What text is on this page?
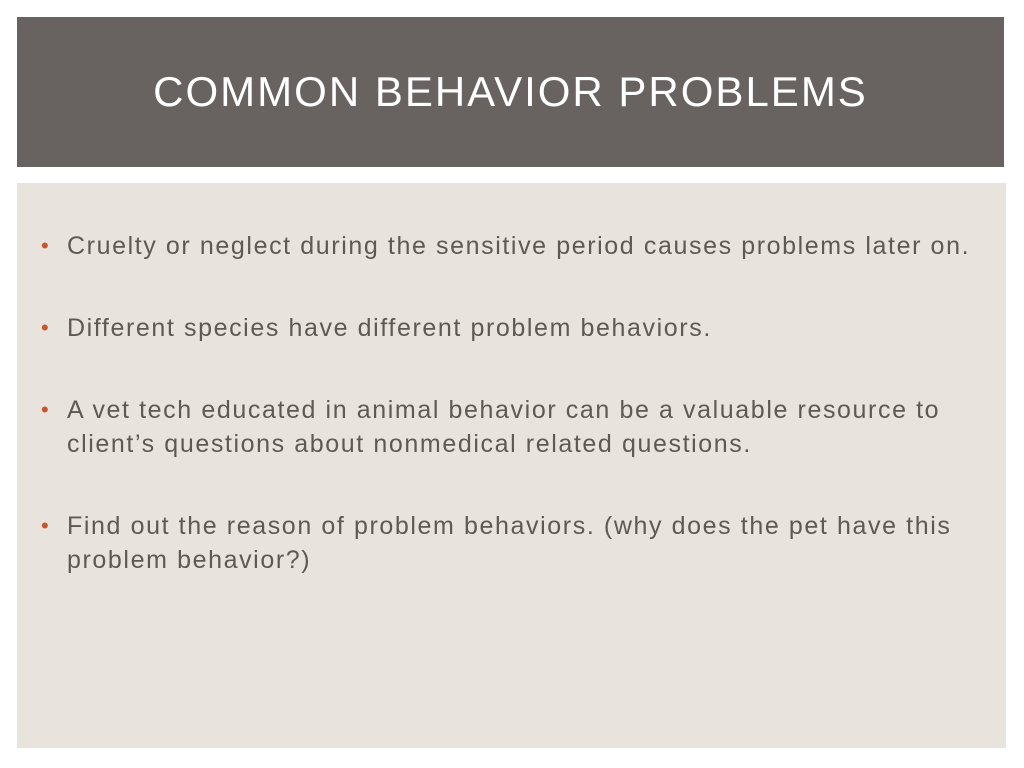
COMMON BEHAVIOR PROBLEMS
• Cruelty or neglect during the sensitive period causes problems later on.
• Different species have different problem behaviors.
• A vet tech educated in animal behavior can be a valuable resource to client’s questions about nonmedical related questions.
• Find out the reason of problem behaviors. (why does the pet have this problem behavior?)
